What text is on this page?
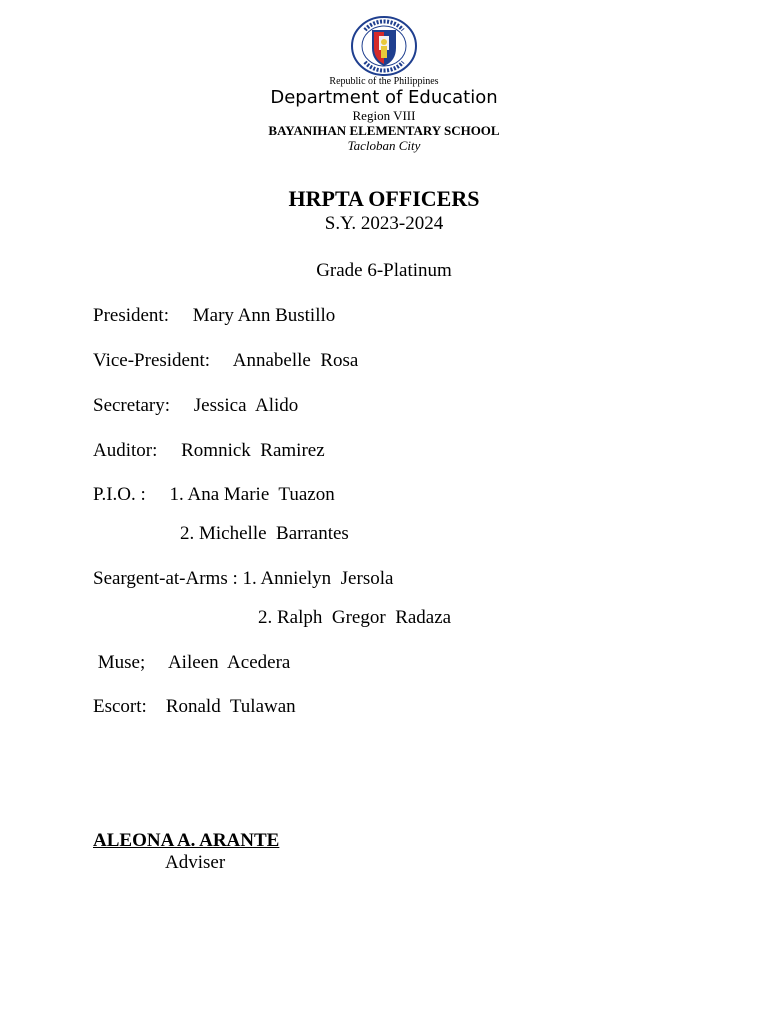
Republic of the Philippines
Department of Education
Region VIII
BAYANIHAN ELEMENTARY SCHOOL
Tacloban City
HRPTA OFFICERS
S.Y. 2023-2024
Grade 6-Platinum
President:     Mary Ann Bustillo
Vice-President:     Annabelle  Rosa
Secretary:     Jessica  Alido
Auditor:     Romnick  Ramirez
P.I.O. :     1. Ana Marie  Tuazon
2. Michelle  Barrantes
Seargent-at-Arms : 1. Annielyn  Jersola
2. Ralph  Gregor  Radaza
Muse;     Aileen  Acedera
Escort:    Ronald  Tulawan
ALEONA A. ARANTE
Adviser
